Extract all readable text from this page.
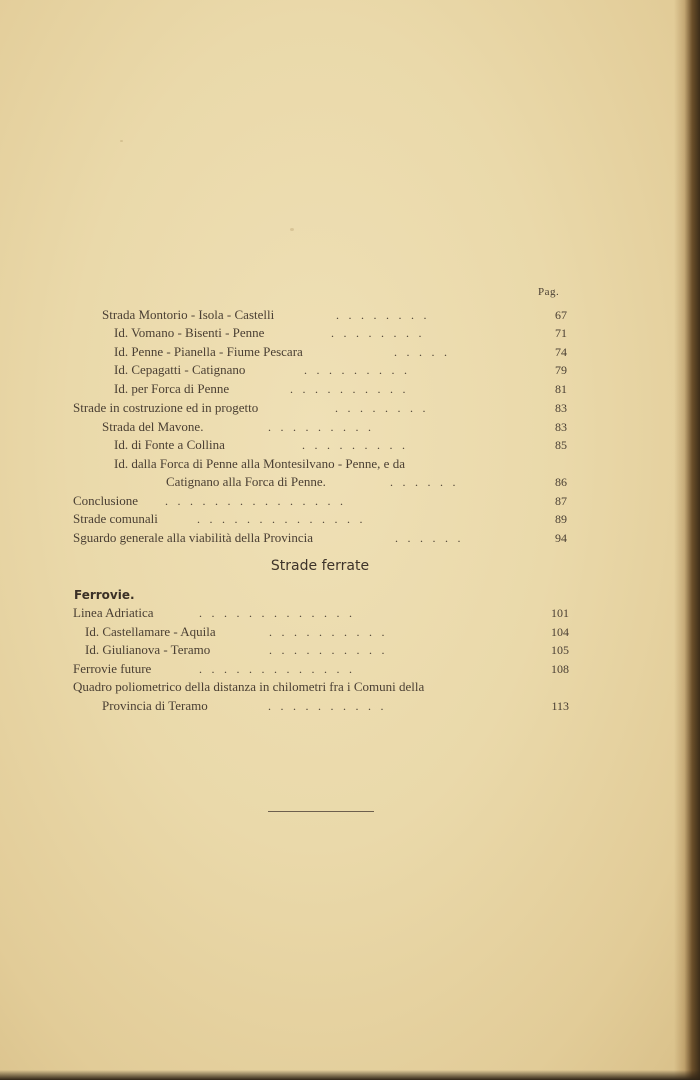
Pag.
Strada Montorio - Isola - Castelli	........	67
Id. Vomano - Bisenti - Penne	........	71
Id. Penne - Pianella - Fiume Pescara	.....	74
Id. Cepagatti - Catignano	.........	79
Id. per Forca di Penne	..........	81
Strade in costruzione ed in progetto	........	83
Strada del Mavone.	.........	83
Id. di Fonte a Collina	.........	85
Id. dalla Forca di Penne alla Montesilvano - Penne, e da
Catignano alla Forca di Penne.	......	86
Conclusione ...............	87
Strade comunali	..............	89
Sguardo generale alla viabilità della Provincia	......	94
Strade ferrate
Ferrovie.
Linea Adriatica	.............	101
Id. Castellamare - Aquila	..........	104
Id. Giulianova - Teramo	..........	105
Ferrovie future	.............	108
Quadro poliometrico della distanza in chilometri fra i Comuni della
Provincia di Teramo	..........	113
